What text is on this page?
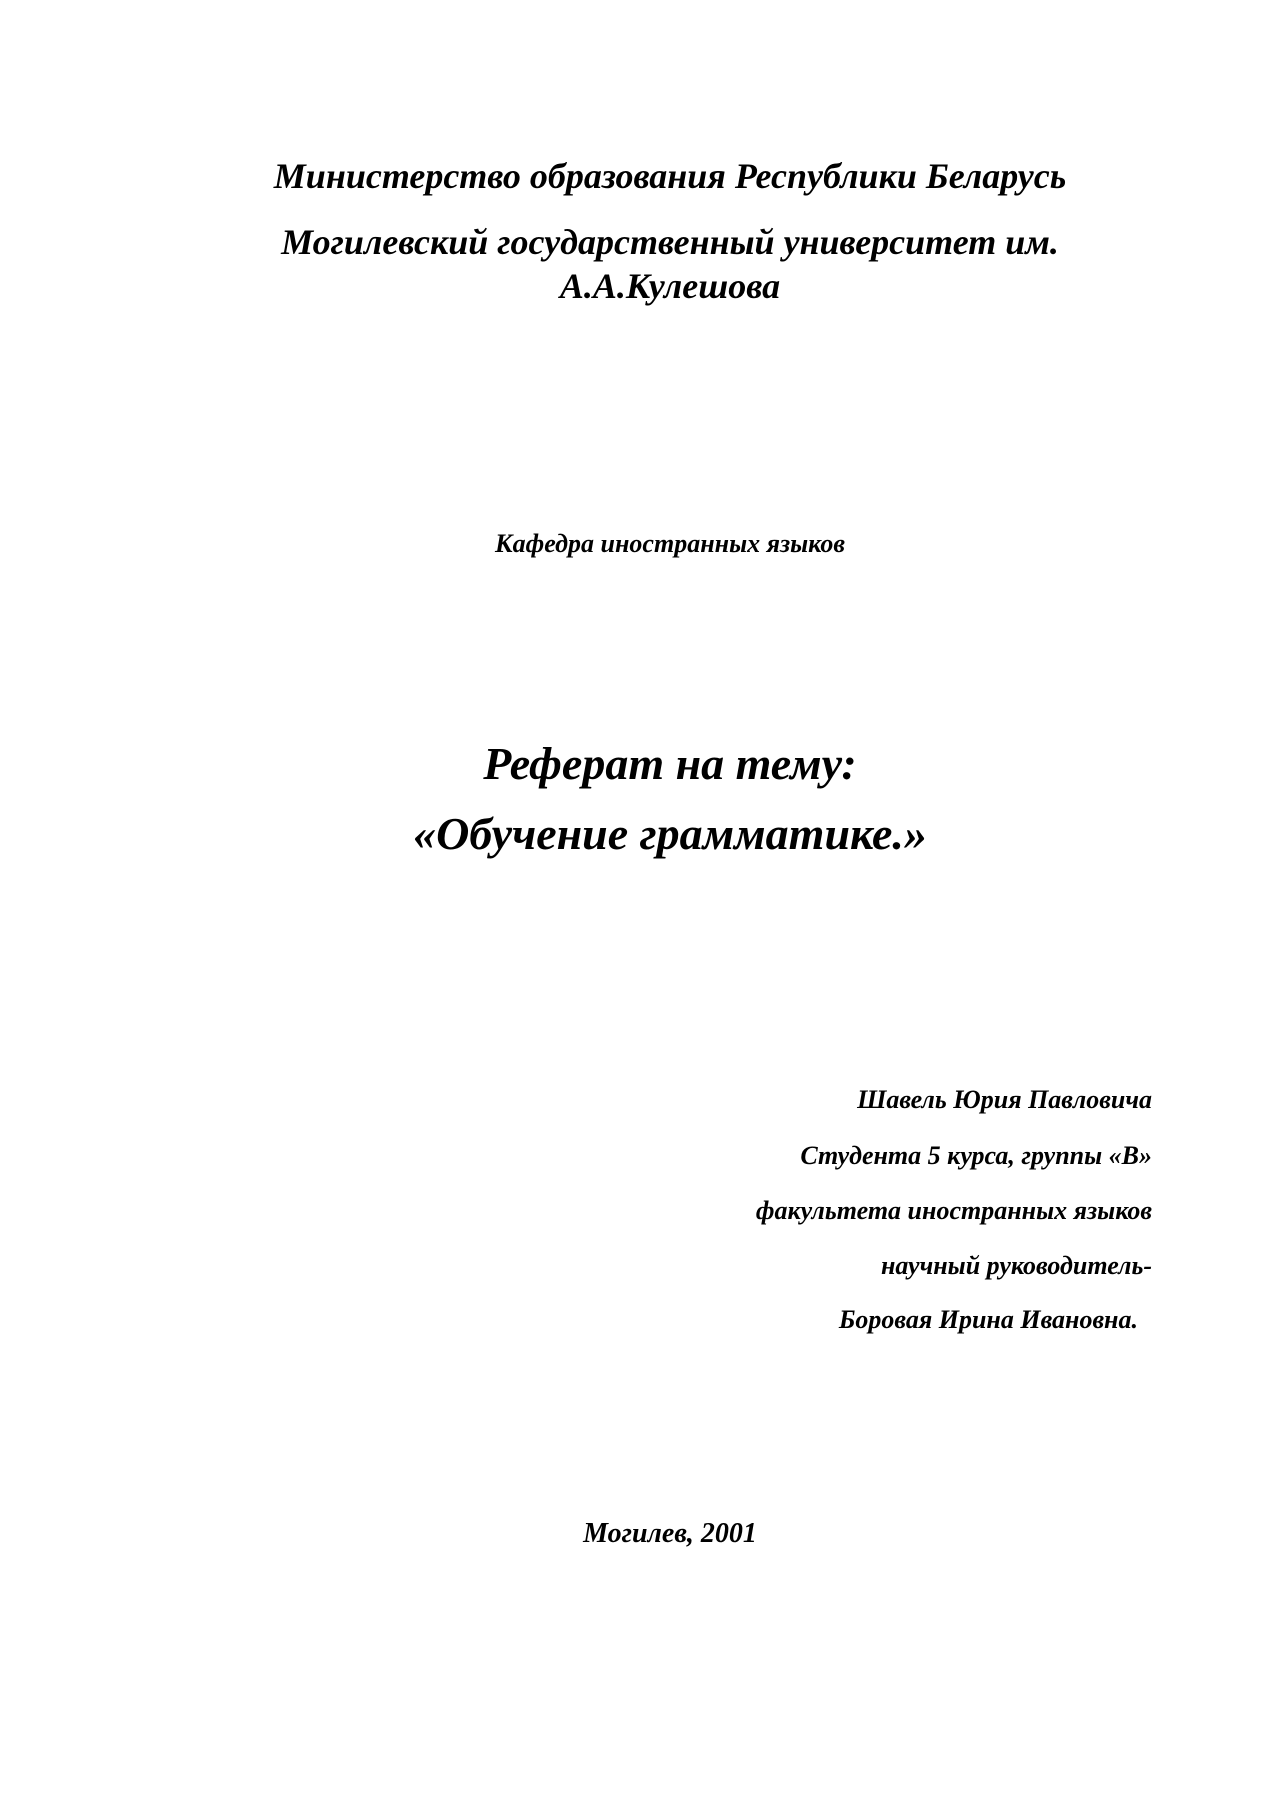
Министерство образования Республики Беларусь

Могилевский государственный университет им.

А.А.Кулешова

Кафедра иностранных языков

Реферат на тему:

«Обучение грамматике.»

Шавель Юрия Павловича

Студента 5 курса, группы «В»

факультета иностранных языков

научный руководитель-

Боровая Ирина Ивановна.

Могилев, 2001
